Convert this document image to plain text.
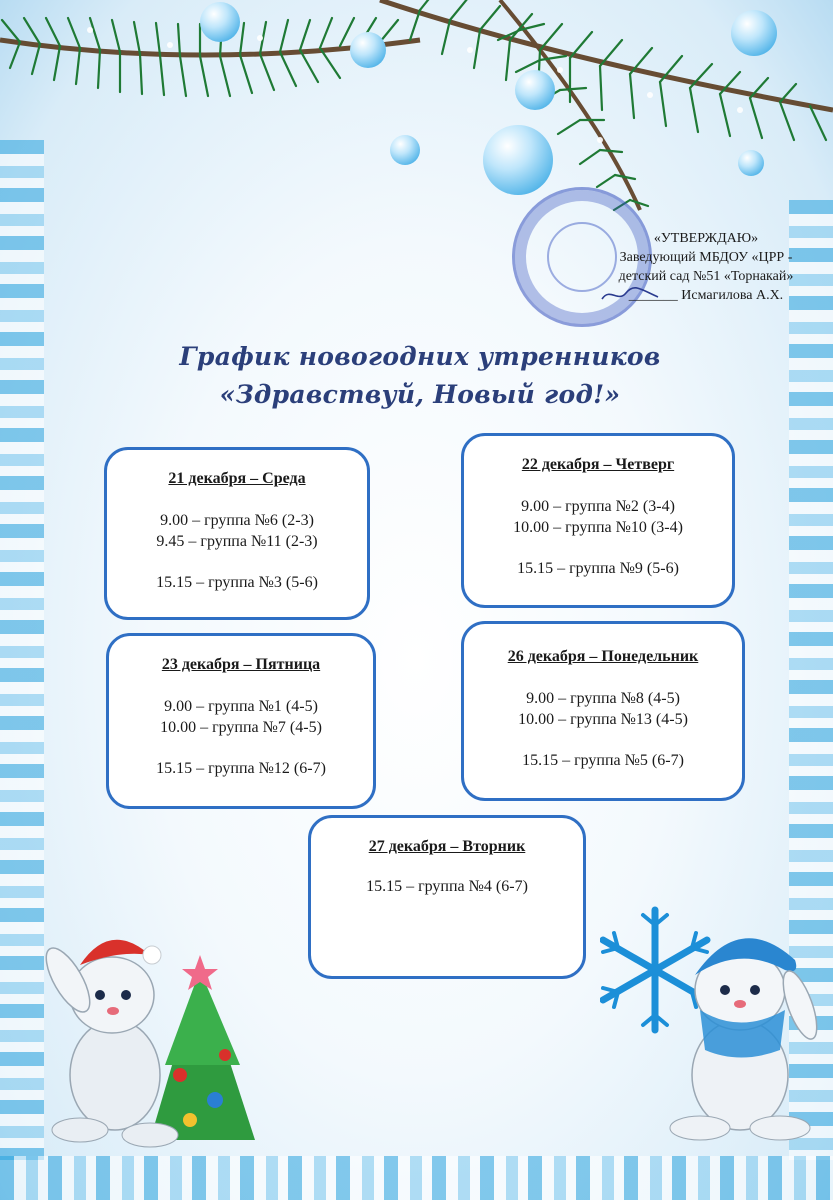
«УТВЕРЖДАЮ»
Заведующий МБДОУ «ЦРР -
детский сад №51 «Торнакай»
_______ Исмагилова А.Х.
График новогодних утренников
«Здравствуй, Новый год!»
21 декабря – Среда
9.00 – группа №6 (2-3)
9.45 – группа №11 (2-3)
15.15 – группа №3 (5-6)
22 декабря – Четверг
9.00 – группа №2 (3-4)
10.00 – группа №10 (3-4)
15.15 – группа №9 (5-6)
23 декабря – Пятница
9.00 – группа №1 (4-5)
10.00 – группа №7 (4-5)
15.15 – группа №12 (6-7)
26 декабря – Понедельник
9.00 – группа №8 (4-5)
10.00 – группа №13 (4-5)
15.15 – группа №5 (6-7)
27 декабря – Вторник
15.15 – группа №4 (6-7)
